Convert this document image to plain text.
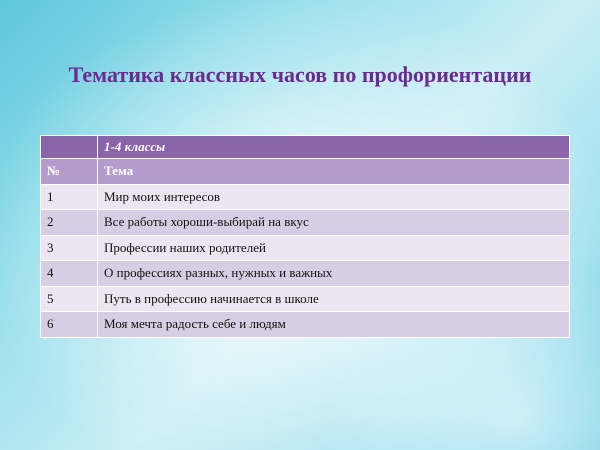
Тематика классных часов по профориентации
	1-4 классы
№	Тема
1	Мир моих интересов
2	Все работы хороши-выбирай на вкус
3	Профессии наших родителей
4	О профессиях разных, нужных и важных
5	Путь в профессию начинается в школе
6	Моя мечта радость себе и людям
